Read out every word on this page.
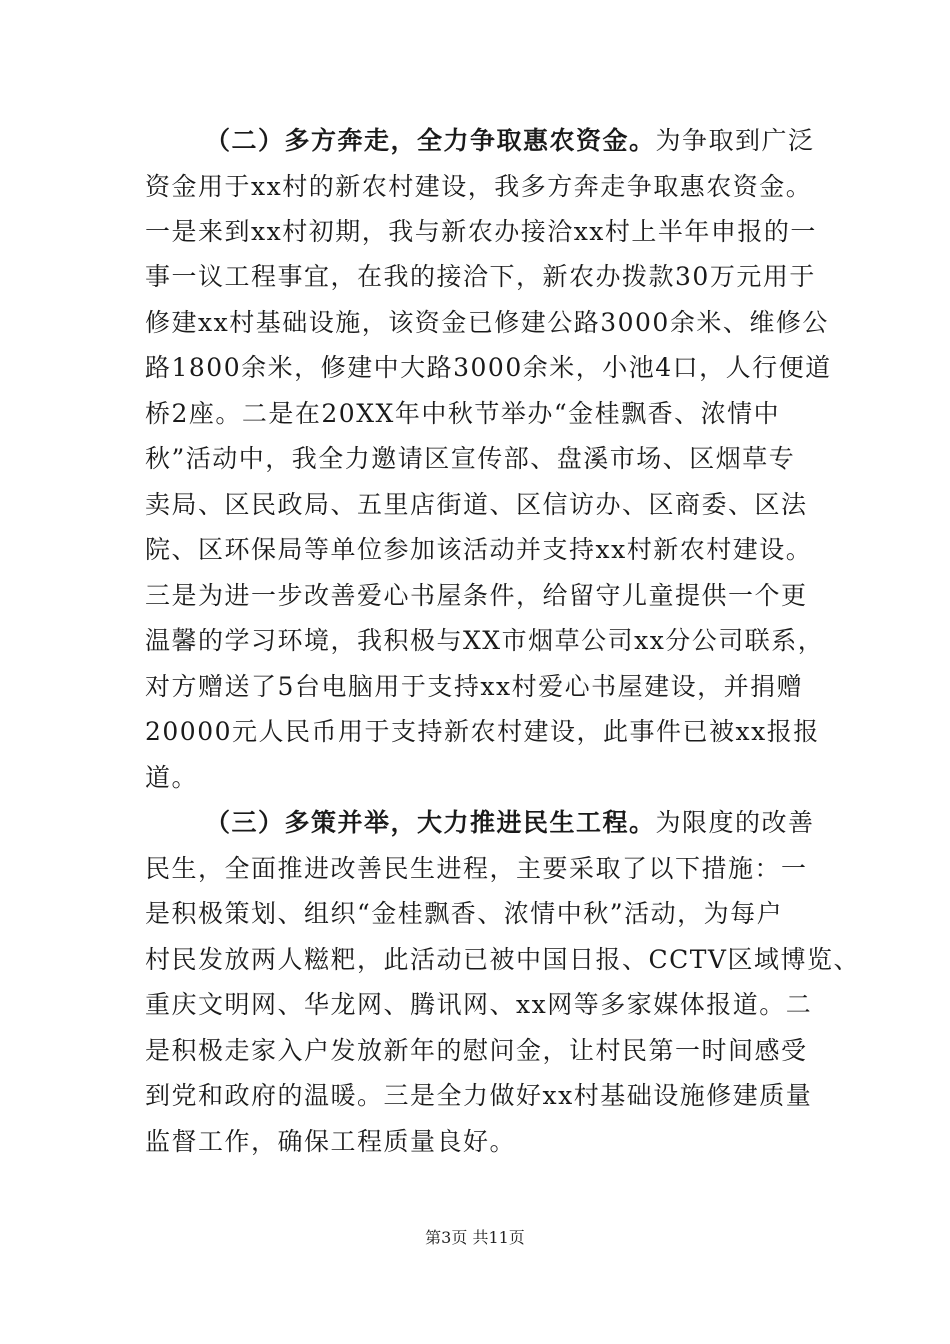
（二）多方奔走，全力争取惠农资金。为争取到广泛
资金用于xx村的新农村建设，我多方奔走争取惠农资金。
一是来到xx村初期，我与新农办接洽xx村上半年申报的一
事一议工程事宜，在我的接洽下，新农办拨款30万元用于
修建xx村基础设施，该资金已修建公路3000余米、维修公
路1800余米，修建中大路3000余米，小池4口，人行便道
桥2座。二是在20XX年中秋节举办“金桂飘香、浓情中
秋”活动中，我全力邀请区宣传部、盘溪市场、区烟草专
卖局、区民政局、五里店街道、区信访办、区商委、区法
院、区环保局等单位参加该活动并支持xx村新农村建设。
三是为进一步改善爱心书屋条件，给留守儿童提供一个更
温馨的学习环境，我积极与XX市烟草公司xx分公司联系，
对方赠送了5台电脑用于支持xx村爱心书屋建设，并捐赠
20000元人民币用于支持新农村建设，此事件已被xx报报
道。
（三）多策并举，大力推进民生工程。为限度的改善
民生，全面推进改善民生进程，主要采取了以下措施：一
是积极策划、组织“金桂飘香、浓情中秋”活动，为每户
村民发放两人糍粑，此活动已被中国日报、CCTV区域博览、
重庆文明网、华龙网、腾讯网、xx网等多家媒体报道。二
是积极走家入户发放新年的慰问金，让村民第一时间感受
到党和政府的温暖。三是全力做好xx村基础设施修建质量
监督工作，确保工程质量良好。
第3页 共11页
